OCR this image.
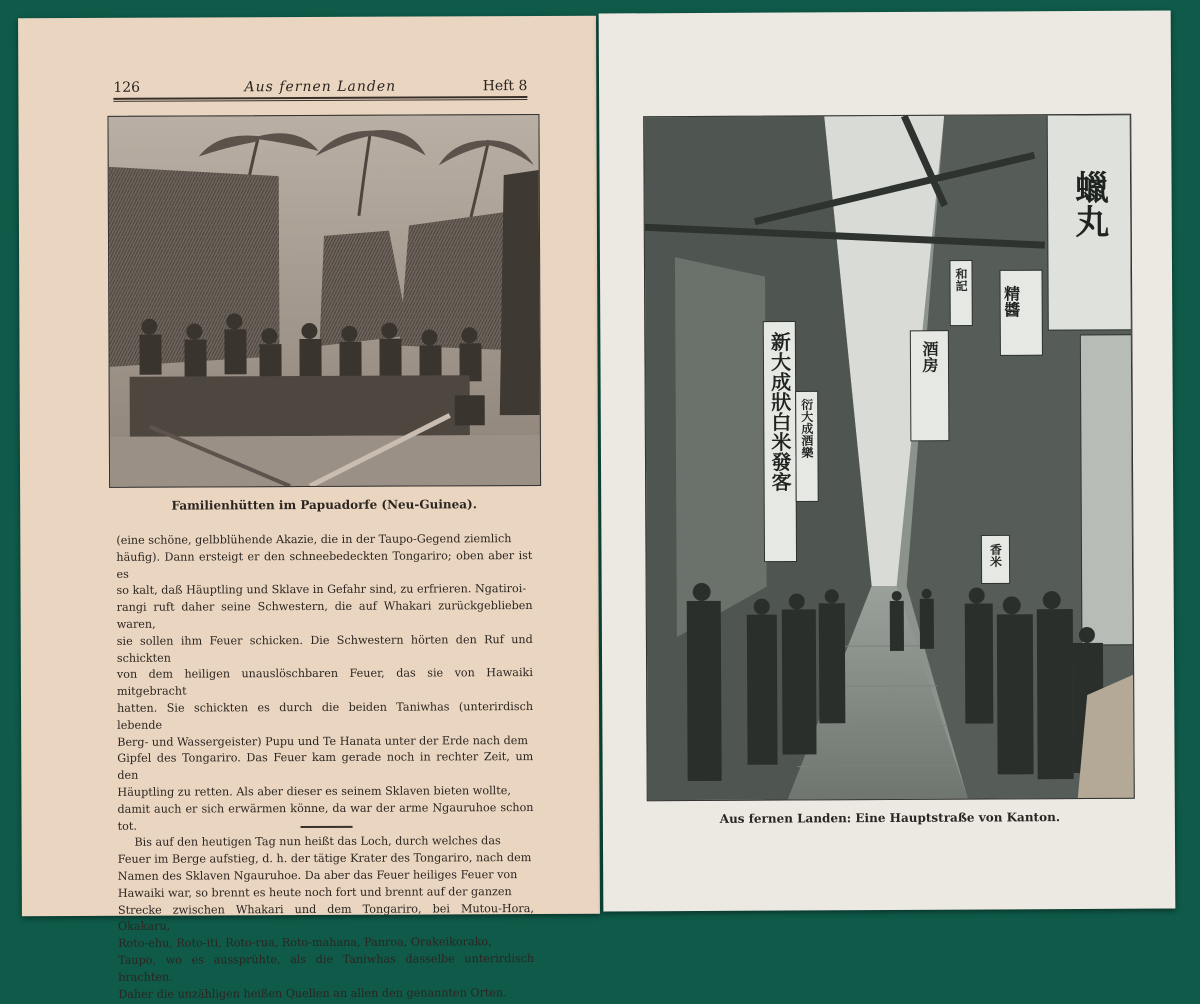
126	Aus fernen Landen	Heft 8
Familienhütten im Papuadorfe (Neu-Guinea).

(eine schöne, gelbblühende Akazie, die in der Taupo-Gegend ziemlich

häufig). Dann ersteigt er den schneebedeckten Tongariro; oben aber ist es

so kalt, daß Häuptling und Sklave in Gefahr sind, zu erfrieren. Ngatiroi-

rangi ruft daher seine Schwestern, die auf Whakari zurückgeblieben waren,

sie sollen ihm Feuer schicken. Die Schwestern hörten den Ruf und schickten

von dem heiligen unauslöschbaren Feuer, das sie von Hawaiki mitgebracht

hatten. Sie schickten es durch die beiden Taniwhas (unterirdisch lebende

Berg- und Wassergeister) Pupu und Te Hanata unter der Erde nach dem

Gipfel des Tongariro. Das Feuer kam gerade noch in rechter Zeit, um den

Häuptling zu retten. Als aber dieser es seinem Sklaven bieten wollte,

damit auch er sich erwärmen könne, da war der arme Ngauruhoe schon tot.

Bis auf den heutigen Tag nun heißt das Loch, durch welches das

Feuer im Berge aufstieg, d. h. der tätige Krater des Tongariro, nach dem

Namen des Sklaven Ngauruhoe. Da aber das Feuer heiliges Feuer von

Hawaiki war, so brennt es heute noch fort und brennt auf der ganzen

Strecke zwischen Whakari und dem Tongariro, bei Mutou-Hora, Okakaru,

Roto-ehu, Roto-iti, Roto-rua, Roto-mahana, Panroa, Orakeikorako,

Taupo, wo es aussprühte, als die Taniwhas dasselbe unterirdisch brachten.

Daher die unzähligen heißen Quellen an allen den genannten Orten.

蠟丸
精醬
酒房
新大成狀白米發客 衍大成酒樂
和記
香米
Aus fernen Landen: Eine Hauptstraße von Kanton.
